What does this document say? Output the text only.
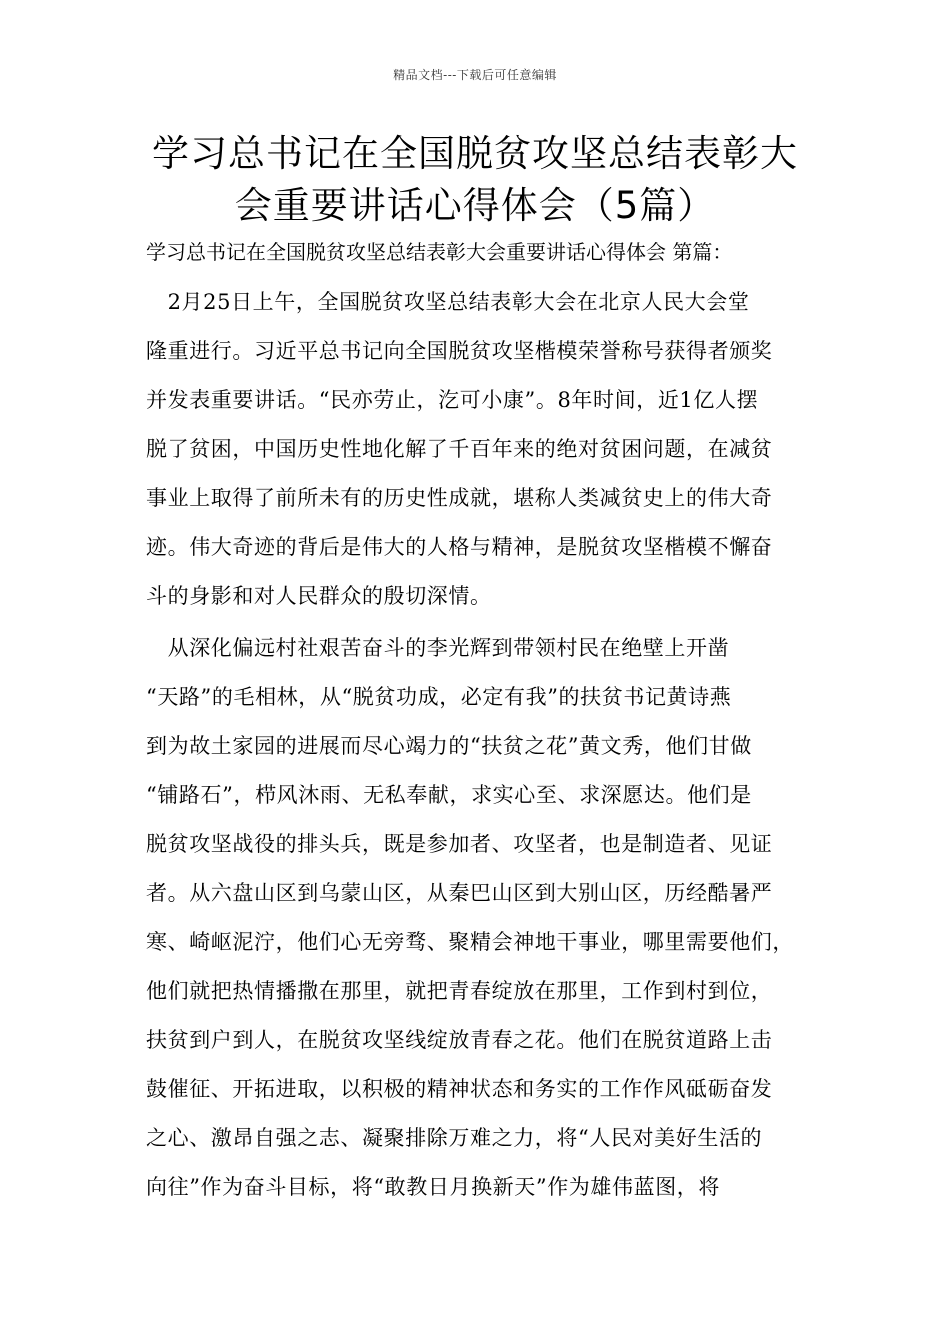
精品文档---下载后可任意编辑
学习总书记在全国脱贫攻坚总结表彰大
会重要讲话心得体会（5篇）
学习总书记在全国脱贫攻坚总结表彰大会重要讲话心得体会 第篇：
　2月25日上午，全国脱贫攻坚总结表彰大会在北京人民大会堂
隆重进行。习近平总书记向全国脱贫攻坚楷模荣誉称号获得者颁奖
并发表重要讲话。“民亦劳止，汔可小康”。8年时间，近1亿人摆
脱了贫困，中国历史性地化解了千百年来的绝对贫困问题，在减贫
事业上取得了前所未有的历史性成就，堪称人类减贫史上的伟大奇
迹。伟大奇迹的背后是伟大的人格与精神，是脱贫攻坚楷模不懈奋
斗的身影和对人民群众的殷切深情。
　从深化偏远村社艰苦奋斗的李光辉到带领村民在绝壁上开凿
“天路”的毛相林，从“脱贫功成，必定有我”的扶贫书记黄诗燕
到为故土家园的进展而尽心竭力的“扶贫之花”黄文秀，他们甘做
“铺路石”，栉风沐雨、无私奉献，求实心至、求深愿达。他们是
脱贫攻坚战役的排头兵，既是参加者、攻坚者，也是制造者、见证
者。从六盘山区到乌蒙山区，从秦巴山区到大别山区，历经酷暑严
寒、崎岖泥泞，他们心无旁骛、聚精会神地干事业，哪里需要他们，
他们就把热情播撒在那里，就把青春绽放在那里，工作到村到位，
扶贫到户到人，在脱贫攻坚线绽放青春之花。他们在脱贫道路上击
鼓催征、开拓进取，以积极的精神状态和务实的工作作风砥砺奋发
之心、激昂自强之志、凝聚排除万难之力，将“人民对美好生活的
向往”作为奋斗目标，将“敢教日月换新天”作为雄伟蓝图，将
